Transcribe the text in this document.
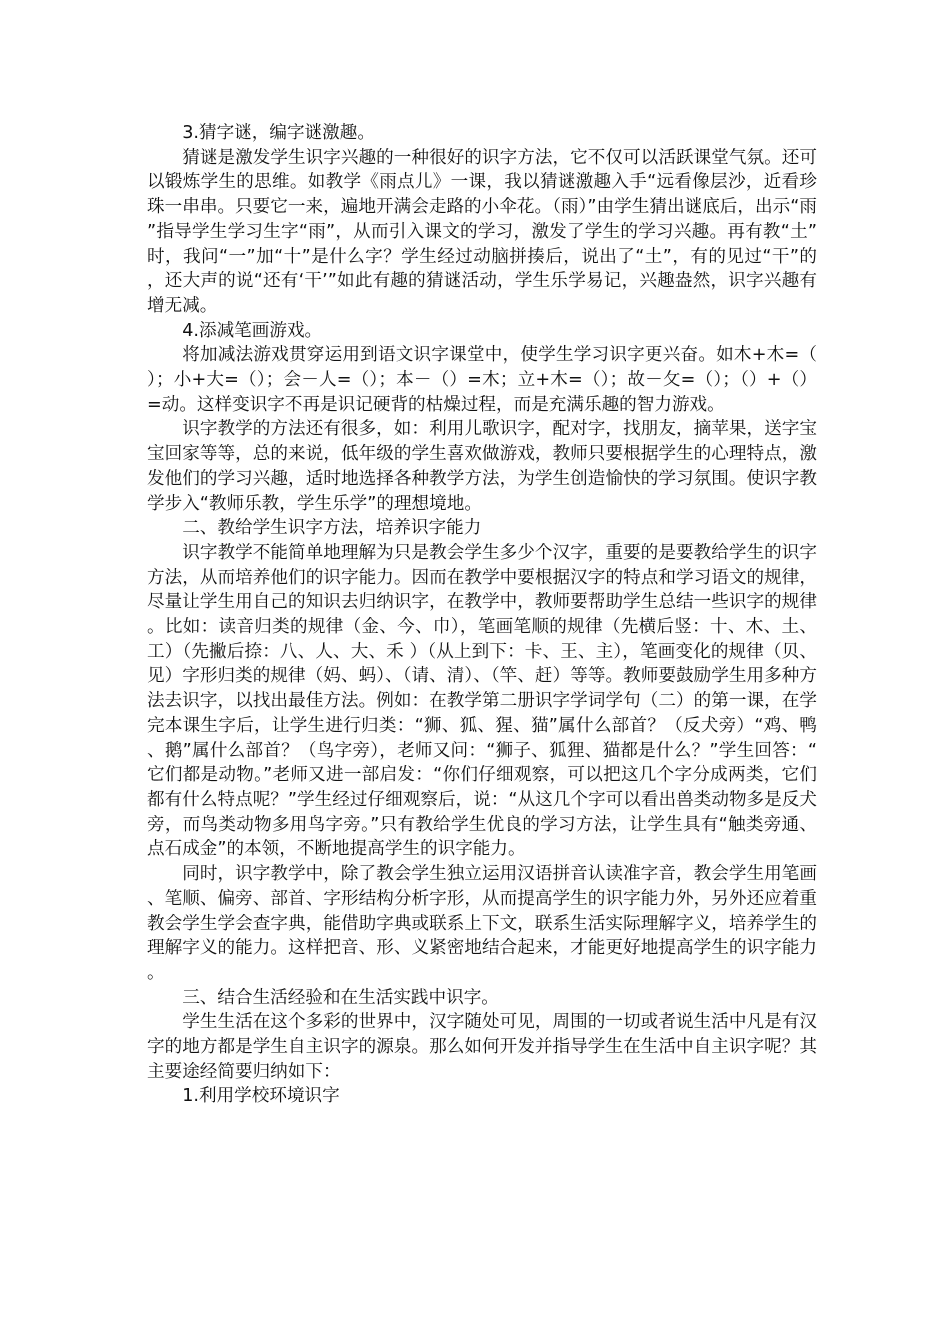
3.猜字谜，编字谜激趣。

猜谜是激发学生识字兴趣的一种很好的识字方法，它不仅可以活跃课堂气氛。还可以锻炼学生的思维。如教学《雨点儿》一课，我以猜谜激趣入手“远看像层沙，近看珍珠一串串。只要它一来，遍地开满会走路的小伞花。（雨）”由学生猜出谜底后，出示“雨”指导学生学习生字“雨”，从而引入课文的学习，激发了学生的学习兴趣。再有教“土”时，我问“一”加“十”是什么字？学生经过动脑拼揍后，说出了“土”，有的见过“干”的，还大声的说“还有‘干’”如此有趣的猜谜活动，学生乐学易记，兴趣盎然，识字兴趣有增无减。

4.添减笔画游戏。

将加减法游戏贯穿运用到语文识字课堂中，使学生学习识字更兴奋。如木+木=（）；小+大=（）；会－人=（）；本－（）=木；立+木=（）；故－攵=（）；（）+（）=动。这样变识字不再是识记硬背的枯燥过程，而是充满乐趣的智力游戏。

识字教学的方法还有很多，如：利用儿歌识字，配对字，找朋友，摘苹果，送字宝宝回家等等，总的来说，低年级的学生喜欢做游戏，教师只要根据学生的心理特点，激发他们的学习兴趣，适时地选择各种教学方法，为学生创造愉快的学习氛围。使识字教学步入“教师乐教，学生乐学”的理想境地。

二、教给学生识字方法，培养识字能力

识字教学不能简单地理解为只是教会学生多少个汉字，重要的是要教给学生的识字方法，从而培养他们的识字能力。因而在教学中要根据汉字的特点和学习语文的规律，尽量让学生用自己的知识去归纳识字，在教学中，教师要帮助学生总结一些识字的规律。比如：读音归类的规律（金、今、巾），笔画笔顺的规律（先横后竖：十、木、土、工）（先撇后捺：八、人、大、禾 ）（从上到下：卡、王、主），笔画变化的规律（贝、见）字形归类的规律（妈、蚂）、（请、清）、（竿、赶）等等。教师要鼓励学生用多种方法去识字，以找出最佳方法。例如：在教学第二册识字学词学句（二）的第一课，在学完本课生字后，让学生进行归类：“狮、狐、猩、猫”属什么部首？（反犬旁）“鸡、鸭、鹅”属什么部首？（鸟字旁），老师又问：“狮子、狐狸、猫都是什么？”学生回答：“它们都是动物。”老师又进一部启发：“你们仔细观察，可以把这几个字分成两类，它们都有什么特点呢？”学生经过仔细观察后，说：“从这几个字可以看出兽类动物多是反犬旁，而鸟类动物多用鸟字旁。”只有教给学生优良的学习方法，让学生具有“触类旁通、点石成金”的本领，不断地提高学生的识字能力。

同时，识字教学中，除了教会学生独立运用汉语拼音认读准字音，教会学生用笔画、笔顺、偏旁、部首、字形结构分析字形，从而提高学生的识字能力外，另外还应着重教会学生学会查字典，能借助字典或联系上下文，联系生活实际理解字义，培养学生的理解字义的能力。这样把音、形、义紧密地结合起来，才能更好地提高学生的识字能力。

三、结合生活经验和在生活实践中识字。

学生生活在这个多彩的世界中，汉字随处可见，周围的一切或者说生活中凡是有汉字的地方都是学生自主识字的源泉。那么如何开发并指导学生在生活中自主识字呢？其主要途经简要归纳如下：

1.利用学校环境识字
